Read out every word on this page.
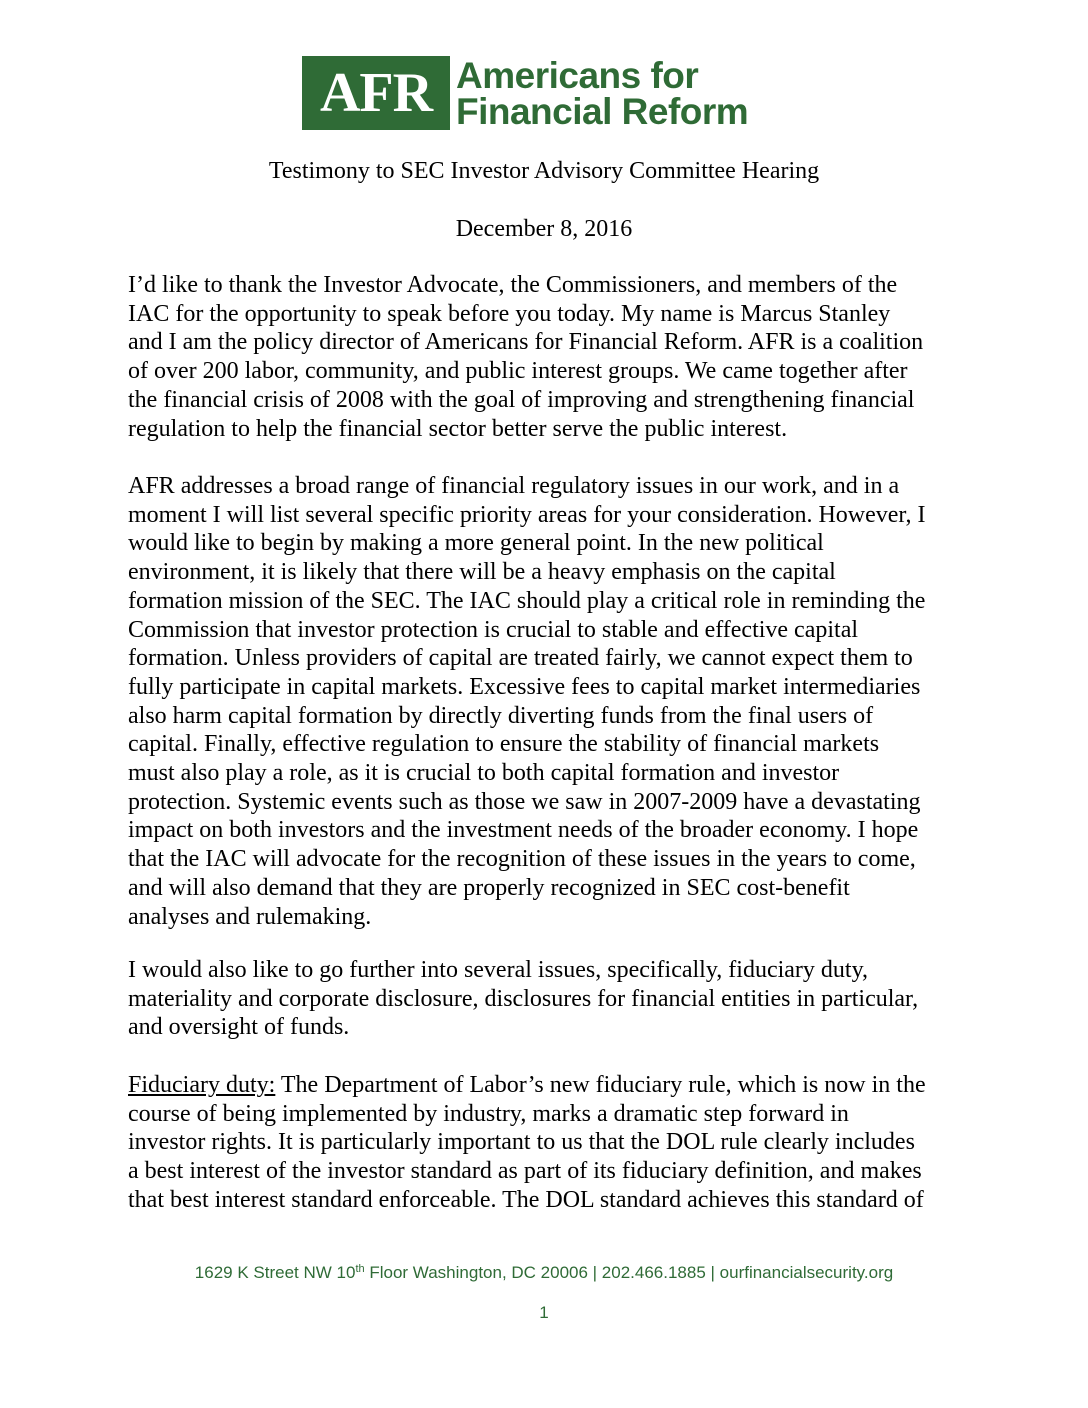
AFR Americans for
Financial Reform
Testimony to SEC Investor Advisory Committee Hearing
December 8, 2016
I’d like to thank the Investor Advocate, the Commissioners, and members of the
IAC for the opportunity to speak before you today. My name is Marcus Stanley
and I am the policy director of Americans for Financial Reform. AFR is a coalition
of over 200 labor, community, and public interest groups. We came together after
the financial crisis of 2008 with the goal of improving and strengthening financial
regulation to help the financial sector better serve the public interest.
AFR addresses a broad range of financial regulatory issues in our work, and in a
moment I will list several specific priority areas for your consideration. However, I
would like to begin by making a more general point. In the new political
environment, it is likely that there will be a heavy emphasis on the capital
formation mission of the SEC. The IAC should play a critical role in reminding the
Commission that investor protection is crucial to stable and effective capital
formation. Unless providers of capital are treated fairly, we cannot expect them to
fully participate in capital markets. Excessive fees to capital market intermediaries
also harm capital formation by directly diverting funds from the final users of
capital. Finally, effective regulation to ensure the stability of financial markets
must also play a role, as it is crucial to both capital formation and investor
protection. Systemic events such as those we saw in 2007-2009 have a devastating
impact on both investors and the investment needs of the broader economy. I hope
that the IAC will advocate for the recognition of these issues in the years to come,
and will also demand that they are properly recognized in SEC cost-benefit
analyses and rulemaking.
I would also like to go further into several issues, specifically, fiduciary duty,
materiality and corporate disclosure, disclosures for financial entities in particular,
and oversight of funds.
Fiduciary duty: The Department of Labor’s new fiduciary rule, which is now in the
course of being implemented by industry, marks a dramatic step forward in
investor rights. It is particularly important to us that the DOL rule clearly includes
a best interest of the investor standard as part of its fiduciary definition, and makes
that best interest standard enforceable. The DOL standard achieves this standard of
1629 K Street NW 10th Floor Washington, DC 20006 | 202.466.1885 | ourfinancialsecurity.org
1
